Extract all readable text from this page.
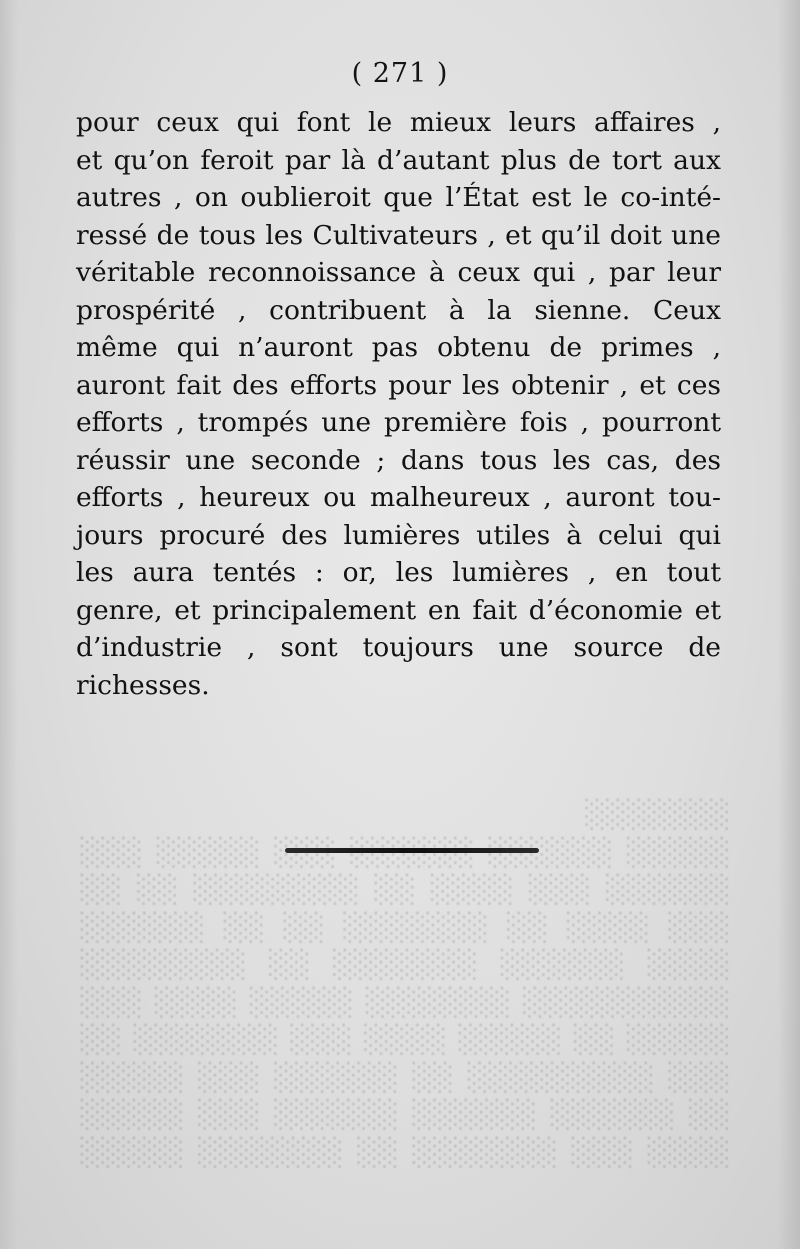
░░░░ ░░░ ░░░░░░░ ░░ ░░░░░░░ ░░░░░ ░░ ░░░░░░ ░░░░░░ ░░░░░░ ░░░ ░░░░░ ░░░ ░░░░░░░░░ ░░ ░░░░░░ ░░░ ░░░░░ ░░░░░ ░░ ░░░░░ ░░░░ ░░░ ░░░░░░░ ░░ ░░░░░░░░░░ ░░░░░░░ ░░░░░ ░░░░ ░░░ ░░░░ ░░░░░░ ░░░░░░░ ░░ ░░░░░░░░ ░░░ ░░░░ ░░ ░░░░░░░ ░░ ░░ ░░░░░░ ░░░░░░ ░░░ ░░░░ ░░ ░░░░░░░░ ░░ ░░ ░░░░░ ░░░░░░ ░░░░░ ░░░ ░░░░░░░
( 271 )
pour ceux qui font le mieux leurs affaires ,
et qu’on feroit par là d’autant plus de tort aux
autres , on oublieroit que l’État est le co-inté-
ressé de tous les Cultivateurs , et qu’il doit une
véritable reconnoissance à ceux qui , par leur
prospérité , contribuent à la sienne. Ceux
même qui n’auront pas obtenu de primes ,
auront fait des efforts pour les obtenir , et ces
efforts , trompés une première fois , pourront
réussir une seconde ; dans tous les cas, des
efforts , heureux ou malheureux , auront tou-
jours procuré des lumières utiles à celui qui
les aura tentés : or, les lumières , en tout
genre, et principalement en fait d’économie et
d’industrie , sont toujours une source de
richesses.
